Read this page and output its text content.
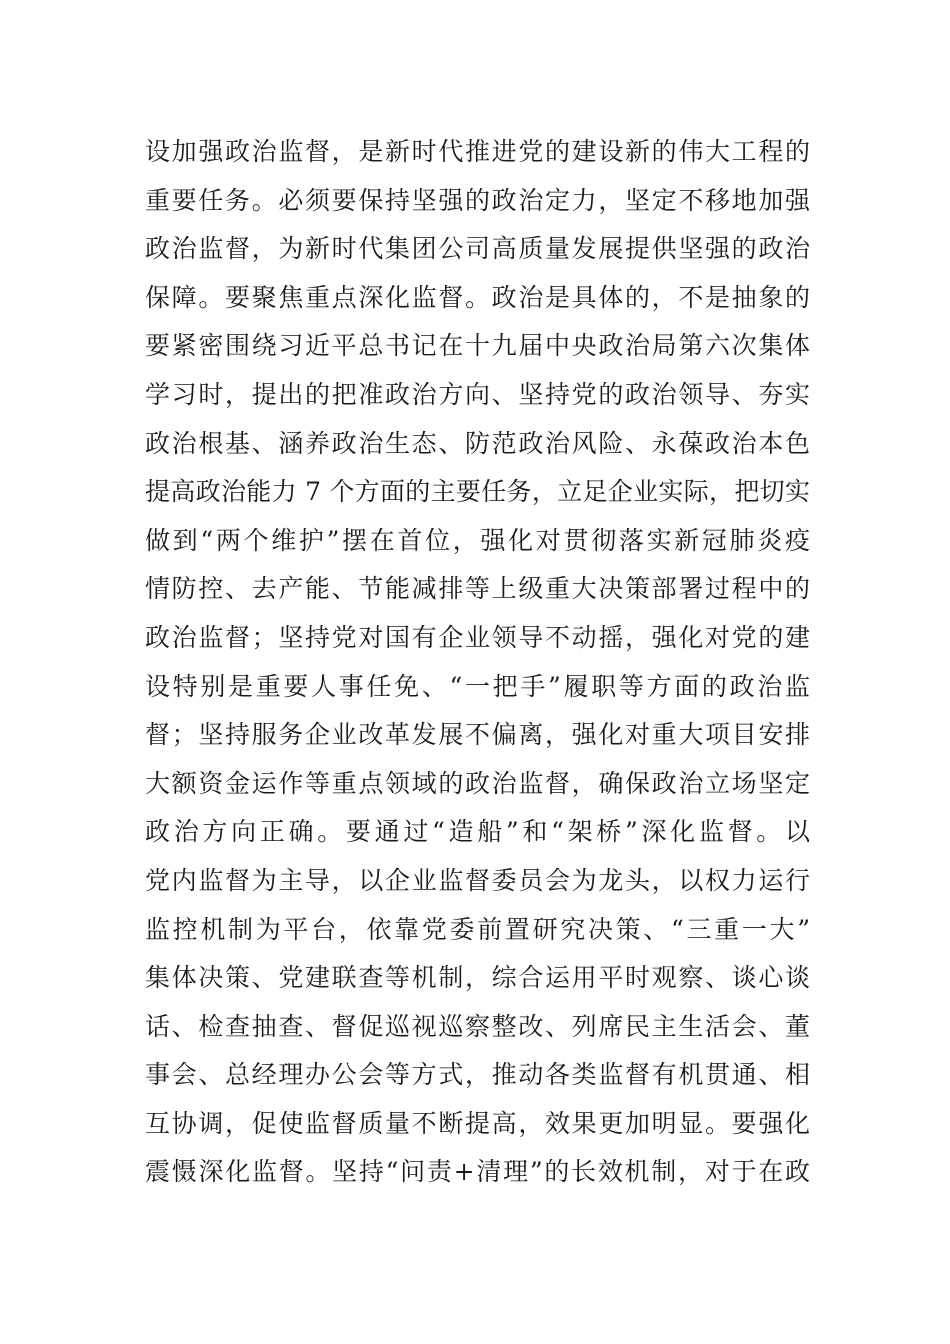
设加强政治监督，是新时代推进党的建设新的伟大工程的
重要任务。必须要保持坚强的政治定力，坚定不移地加强
政治监督，为新时代集团公司高质量发展提供坚强的政治
保障。要聚焦重点深化监督。政治是具体的，不是抽象的
要紧密围绕习近平总书记在十九届中央政治局第六次集体
学习时，提出的把准政治方向、坚持党的政治领导、夯实
政治根基、涵养政治生态、防范政治风险、永葆政治本色
提高政治能力 7 个方面的主要任务，立足企业实际，把切实
做到“两个维护”摆在首位，强化对贯彻落实新冠肺炎疫
情防控、去产能、节能减排等上级重大决策部署过程中的
政治监督；坚持党对国有企业领导不动摇，强化对党的建
设特别是重要人事任免、“一把手”履职等方面的政治监
督；坚持服务企业改革发展不偏离，强化对重大项目安排
大额资金运作等重点领域的政治监督，确保政治立场坚定
政治方向正确。要通过“造船”和“架桥”深化监督。以
党内监督为主导，以企业监督委员会为龙头，以权力运行
监控机制为平台，依靠党委前置研究决策、“三重一大”
集体决策、党建联查等机制，综合运用平时观察、谈心谈
话、检查抽查、督促巡视巡察整改、列席民主生活会、董
事会、总经理办公会等方式，推动各类监督有机贯通、相
互协调，促使监督质量不断提高，效果更加明显。要强化
震慑深化监督。坚持“问责+清理”的长效机制，对于在政
